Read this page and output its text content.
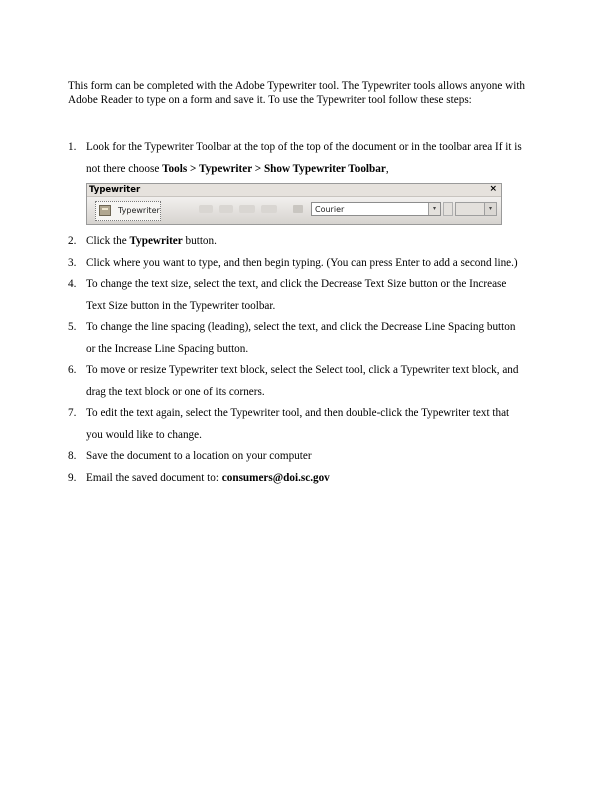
This form can be completed with the Adobe Typewriter tool. The Typewriter tools allows anyone with Adobe Reader to type on a form and save it. To use the Typewriter tool follow these steps:

1. Look for the Typewriter Toolbar at the top of the top of the document or in the toolbar area If it is not there choose Tools > Typewriter > Show Typewriter Toolbar,
Typewriter	×
Typewriter	Courier	▾	▾
2. Click the Typewriter button.
3. Click where you want to type, and then begin typing. (You can press Enter to add a second line.)
4. To change the text size, select the text, and click the Decrease Text Size button or the Increase Text Size button in the Typewriter toolbar.
5. To change the line spacing (leading), select the text, and click the Decrease Line Spacing button or the Increase Line Spacing button.
6. To move or resize Typewriter text block, select the Select tool, click a Typewriter text block, and drag the text block or one of its corners.
7. To edit the text again, select the Typewriter tool, and then double-click the Typewriter text that you would like to change.
8. Save the document to a location on your computer
9. Email the saved document to: consumers@doi.sc.gov
